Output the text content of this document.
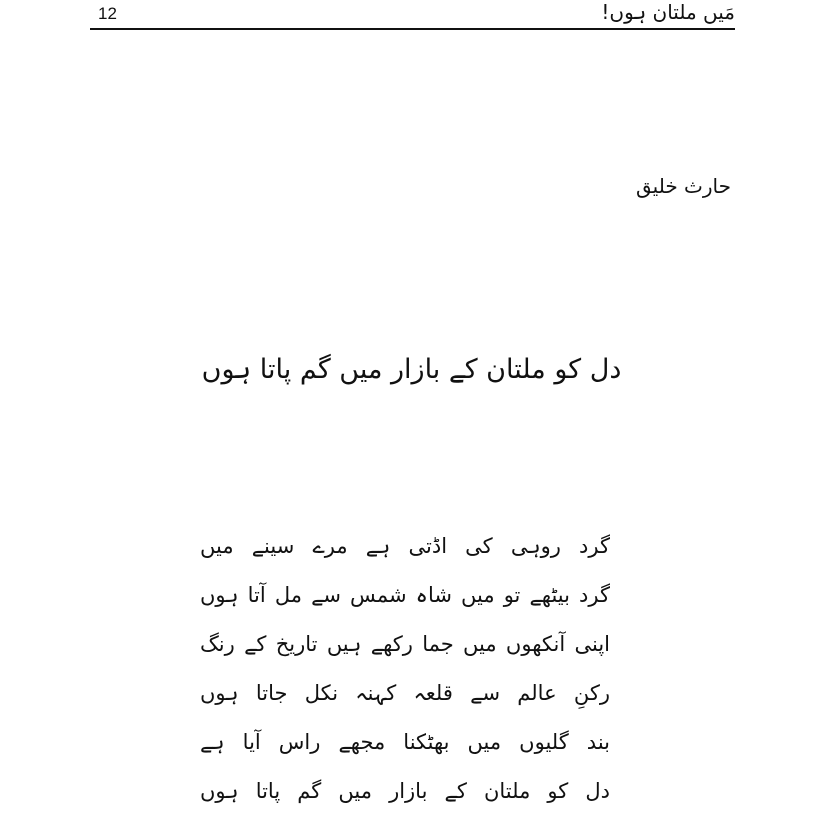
12	مَیں ملتان ہوں!
حارث خلیق
دل کو ملتان کے بازار میں گم پاتا ہوں
گرد روہی کی اڈتی ہے مرے سینے میں
گرد بیٹھے تو میں شاہ شمس سے مل آتا ہوں
اپنی آنکھوں میں جما رکھے ہیں تاریخ کے رنگ
رکنِ عالم سے قلعہ کہنہ نکل جاتا ہوں
بند گلیوں میں بھٹکنا مجھے راس آیا ہے
دل کو ملتان کے بازار میں گم پاتا ہوں
